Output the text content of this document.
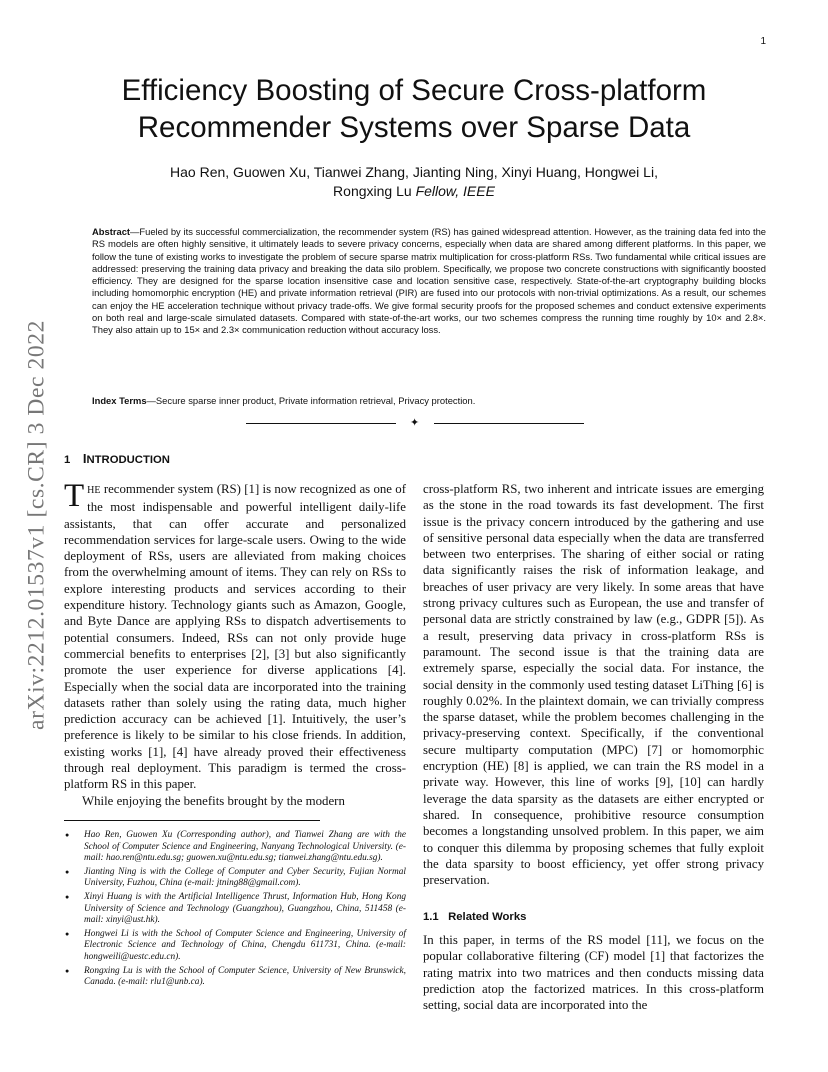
1
arXiv:2212.01537v1 [cs.CR] 3 Dec 2022
Efficiency Boosting of Secure Cross-platform Recommender Systems over Sparse Data
Hao Ren, Guowen Xu, Tianwei Zhang, Jianting Ning, Xinyi Huang, Hongwei Li,
Rongxing Lu Fellow, IEEE
Abstract—Fueled by its successful commercialization, the recommender system (RS) has gained widespread attention. However, as the training data fed into the RS models are often highly sensitive, it ultimately leads to severe privacy concerns, especially when data are shared among different platforms. In this paper, we follow the tune of existing works to investigate the problem of secure sparse matrix multiplication for cross-platform RSs. Two fundamental while critical issues are addressed: preserving the training data privacy and breaking the data silo problem. Specifically, we propose two concrete constructions with significantly boosted efficiency. They are designed for the sparse location insensitive case and location sensitive case, respectively. State-of-the-art cryptography building blocks including homomorphic encryption (HE) and private information retrieval (PIR) are fused into our protocols with non-trivial optimizations. As a result, our schemes can enjoy the HE acceleration technique without privacy trade-offs. We give formal security proofs for the proposed schemes and conduct extensive experiments on both real and large-scale simulated datasets. Compared with state-of-the-art works, our two schemes compress the running time roughly by 10× and 2.8×. They also attain up to 15× and 2.3× communication reduction without accuracy loss.
Index Terms—Secure sparse inner product, Private information retrieval, Privacy protection.
✦
1 INTRODUCTION

THE recommender system (RS) [1] is now recognized as one of the most indispensable and powerful intelligent daily-life assistants, that can offer accurate and personalized recommendation services for large-scale users. Owing to the wide deployment of RSs, users are alleviated from making choices from the overwhelming amount of items. They can rely on RSs to explore interesting products and services according to their expenditure history. Technology giants such as Amazon, Google, and Byte Dance are applying RSs to dispatch advertisements to potential consumers. Indeed, RSs can not only provide huge commercial benefits to enterprises [2], [3] but also significantly promote the user experience for diverse applications [4]. Especially when the social data are incorporated into the training datasets rather than solely using the rating data, much higher prediction accuracy can be achieved [1]. Intuitively, the user’s preference is likely to be similar to his close friends. In addition, existing works [1], [4] have already proved their effectiveness through real deployment. This paradigm is termed the cross-platform RS in this paper.

While enjoying the benefits brought by the modern

● Hao Ren, Guowen Xu (Corresponding author), and Tianwei Zhang are with the School of Computer Science and Engineering, Nanyang Technological University. (e-mail: hao.ren@ntu.edu.sg; guowen.xu@ntu.edu.sg; tianwei.zhang@ntu.edu.sg).
● Jianting Ning is with the College of Computer and Cyber Security, Fujian Normal University, Fuzhou, China (e-mail: jtning88@gmail.com).
● Xinyi Huang is with the Artificial Intelligence Thrust, Information Hub, Hong Kong University of Science and Technology (Guangzhou), Guangzhou, China, 511458 (e-mail: xinyi@ust.hk).
● Hongwei Li is with the School of Computer Science and Engineering, University of Electronic Science and Technology of China, Chengdu 611731, China. (e-mail: hongweili@uestc.edu.cn).
● Rongxing Lu is with the School of Computer Science, University of New Brunswick, Canada. (e-mail: rlu1@unb.ca).

cross-platform RS, two inherent and intricate issues are emerging as the stone in the road towards its fast development. The first issue is the privacy concern introduced by the gathering and use of sensitive personal data especially when the data are transferred between two enterprises. The sharing of either social or rating data significantly raises the risk of information leakage, and breaches of user privacy are very likely. In some areas that have strong privacy cultures such as European, the use and transfer of personal data are strictly constrained by law (e.g., GDPR [5]). As a result, preserving data privacy in cross-platform RSs is paramount. The second issue is that the training data are extremely sparse, especially the social data. For instance, the social density in the commonly used testing dataset LiThing [6] is roughly 0.02%. In the plaintext domain, we can trivially compress the sparse dataset, while the problem becomes challenging in the privacy-preserving context. Specifically, if the conventional secure multiparty computation (MPC) [7] or homomorphic encryption (HE) [8] is applied, we can train the RS model in a private way. However, this line of works [9], [10] can hardly leverage the data sparsity as the datasets are either encrypted or shared. In consequence, prohibitive resource consumption becomes a longstanding unsolved problem. In this paper, we aim to conquer this dilemma by proposing schemes that fully exploit the data sparsity to boost efficiency, yet offer strong privacy preservation.

1.1   Related Works

In this paper, in terms of the RS model [11], we focus on the popular collaborative filtering (CF) model [1] that factorizes the rating matrix into two matrices and then conducts missing data prediction atop the factorized matrices. In this cross-platform setting, social data are incorporated into the
